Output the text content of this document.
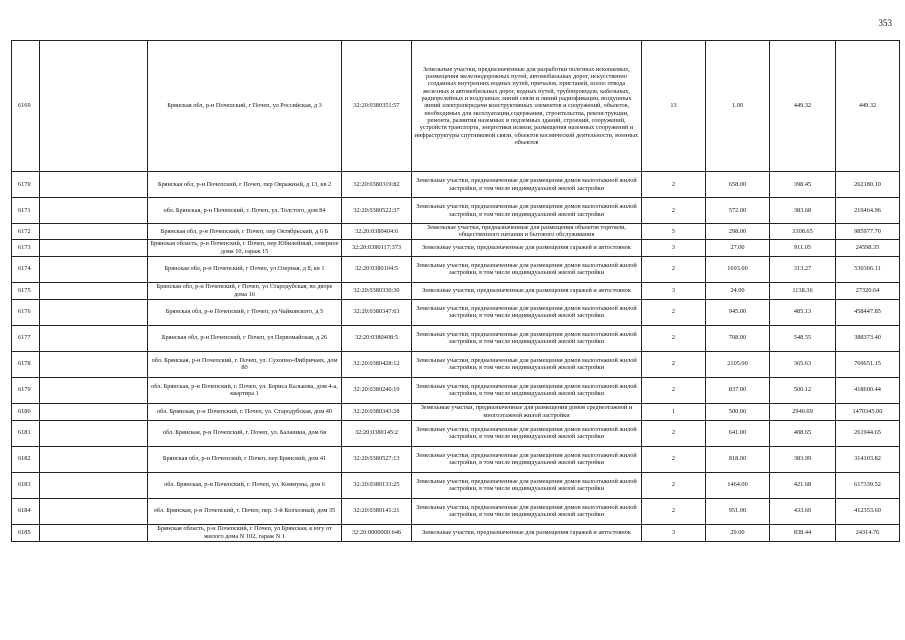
353
6169		Брянская обл, р-н Почепский, г Почеп, ул Российская, д 3	32:20:0380351:57	Земельные участки, предназначенные для разработки полезных ископаемых, размещения железнодорожных путей, автомобильных дорог, искусственно созданных внутренних водных путей, причалов, пристаней, полос отвода железных и автомобильных дорог, водных путей, трубопроводов, кабельных, радиорелейных и воздушных линий связи и линий радиофикации, воздушных линий электропередачи конструктивных элементов и сооружений, объектов, необходимых для эксплуатации,содержания, строительства, реконструкции, ремонта, развития наземных и подземных зданий, строений, сооружений, устройств транспорта, энергетики исвязи; размещения наземных сооружений и инфраструктуры спутниковой связи, объектов космической деятельности, военных объектов	13	1.00	449.32	449.32
6170		Брянская обл, р-н Почепский, г Почеп, пер Овражный, д 13, кв 2	32:20:0380319:82	Земельные участки, предназначенные для размещения домов малоэтажной жилой застройки, в том числе индивидуальной жилой застройки	2	658.00	398.45	262180.10
6171		обл. Брянская, р-н Почепский, г. Почеп, ул. Толстого, дом 84	32:20:0380522:37	Земельные участки, предназначенные для размещения домов малоэтажной жилой застройки, в том числе индивидуальной жилой застройки	2	572.00	383.68	219464.96
6172		Брянская обл, р-н Почепский, г Почеп, пер Октябрьский, д 6 Б	32:20:0380404:6	Земельные участки, предназначенные для размещения объектов торговли, общественного питания и бытового обслуживания	5	298.00	3308.65	985977.70
6173		Брянская область, р-н Почепский, г Почеп, пер Юбилейный, северное дома 10, гараж 15	32:20:0380117:373	Земельные участки, предназначенные для размещения гаражей и автостоянок	3	27.00	911.05	24598.35
6174		Брянская обл, р-н Почепский, г Почеп, ул Озерная, д 8, кв 1	32:20:0380104:5	Земельные участки, предназначенные для размещения домов малоэтажной жилой застройки, в том числе индивидуальной жилой застройки	2	1693.00	313.27	530366.11
6175		Брянская обл, р-н Почепский, г Почеп, ул Стародубская, во дворе дома 16	32:20:0380330:30	Земельные участки, предназначенные для размещения гаражей и автостоянок	3	24.00	1138.36	27320.64
6176		Брянская обл, р-н Почепский, г Почеп, ул Чайковского, д 5	32:20:0380347:63	Земельные участки, предназначенные для размещения домов малоэтажной жилой застройки, в том числе индивидуальной жилой застройки	2	945.00	485.13	458447.85
6177		Брянская обл, р-н Почепский, г Почеп, ул Первомайская, д 26	32:20:0380408:5	Земельные участки, предназначенные для размещения домов малоэтажной жилой застройки, в том числе индивидуальной жилой застройки	2	708.00	548.55	388373.40
6178		обл. Брянская, р-н Почепский, г. Почеп, ул. Сухопно-Фибричаях, дом 80	32:20:0380428:12	Земельные участки, предназначенные для размещения домов малоэтажной жилой застройки, в том числе индивидуальной жилой застройки	2	2105.00	365.63	769651.15
6179		обл. Брянская, р-н Почепский, г. Почеп, ул. Бориса Калькова, дом 4-а, квартира 1	32:20:0380240:10	Земельные участки, предназначенные для размещения домов малоэтажной жилой застройки, в том числе индивидуальной жилой застройки	2	837.00	500.12	418600.44
6180		обл. Брянская, р-н Почепский, г. Почеп, ул. Стародубская, дом 40	32:20:0380343:28	Земельные участки, предназначенные для размещения домов среднеэтажной и многоэтажной жилой застройки	1	500.00	2940.69	1470345.00
6181		обл. Брянская, р-н Почепский, г. Почеп, ул. Баланина, дом 6в	32:20:0380145:2	Земельные участки, предназначенные для размещения домов малоэтажной жилой застройки, в том числе индивидуальной жилой застройки	2	641.00	408.65	261944.65
6182		Брянская обл, р-н Почепский, г Почеп, пер Брянский, дом 41	32:20:0380527:13	Земельные участки, предназначенные для размещения домов малоэтажной жилой застройки, в том числе индивидуальной жилой застройки	2	818.00	383.99	314103.82
6183		обл. Брянская, р-н Почепский, г. Почеп, ул. Коммуны, дом 6	32:20:0380133:25	Земельные участки, предназначенные для размещения домов малоэтажной жилой застройки, в том числе индивидуальной жилой застройки	2	1464.00	421.68	617339.52
6184		обл. Брянская, р-н Почепский, г. Почеп, пер. 3-й Колхозный, дом 35	32:20:0380141:21	Земельные участки, предназначенные для размещения домов малоэтажной жилой застройки, в том числе индивидуальной жилой застройки	2	951.00	433.60	412353.60
6185		Брянская область, р-н Почепский, г Почеп, ул Брянская, к югу от жилого дома N 102, гараж N 1	32:20:0000000:646	Земельные участки, предназначенные для размещения гаражей и автостоянок	3	29.00	838.44	24314.76
